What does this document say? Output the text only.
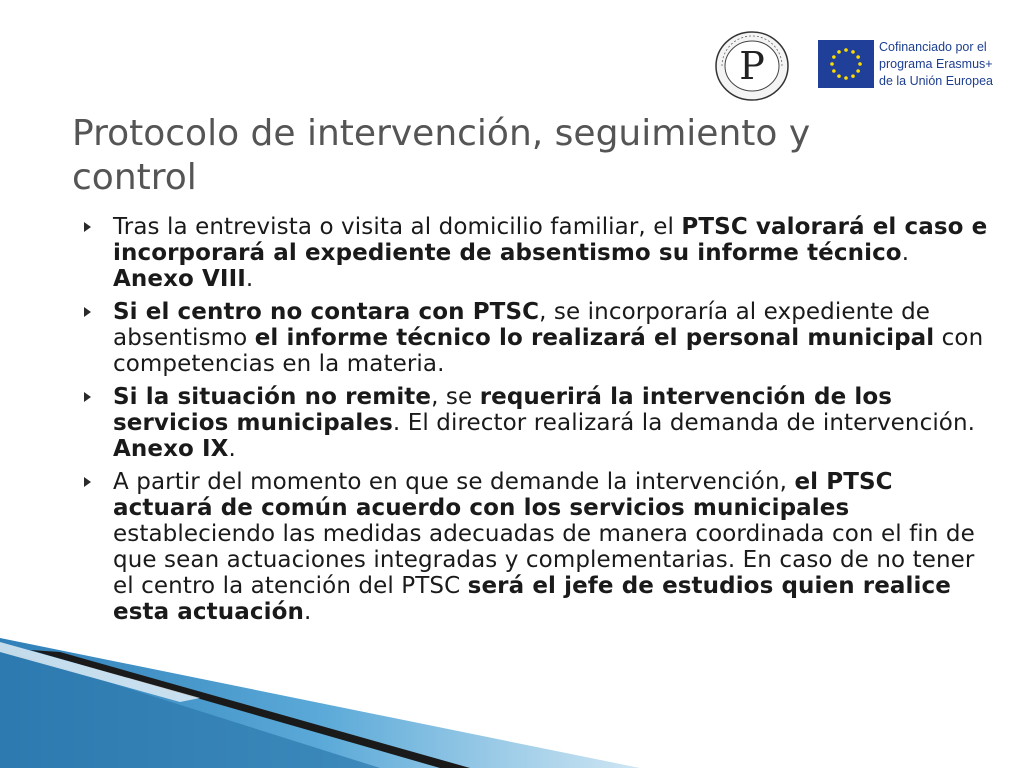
P	Cofinanciado por el
programa Erasmus+
de la Unión Europea
Protocolo de intervención, seguimiento y control
Tras la entrevista o visita al domicilio familiar, el PTSC valorará el caso e incorporará al expediente de absentismo su informe técnico. Anexo VIII.
Si el centro no contara con PTSC, se incorporaría al expediente de absentismo el informe técnico lo realizará el personal municipal con competencias en la materia.
Si la situación no remite, se requerirá la intervención de los servicios municipales. El director realizará la demanda de intervención. Anexo IX.
A partir del momento en que se demande la intervención, el PTSC actuará de común acuerdo con los servicios municipales estableciendo las medidas adecuadas de manera coordinada con el fin de que sean actuaciones integradas y complementarias. En caso de no tener el centro la atención del PTSC será el jefe de estudios quien realice esta actuación.
